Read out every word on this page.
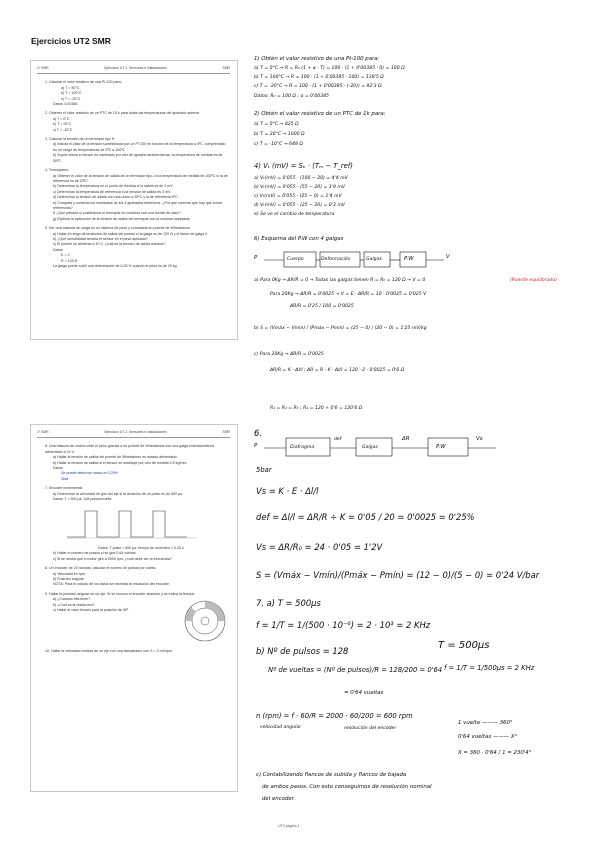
Ejercicios UT2 SMR
1º SMR	Ejercicios UT 2. Sensores e instalaciones	SMR

1. Calcular el valor resistivo de una Pt-100 para:

a) T = 50°C

b) T = 100°C

c) T = -20°C

Datos: 0,00385

2. Obtener el valor resistivo de un PTC de 10 k para todas las temperaturas del apartado anterior

a) T = 0°C

b) T = 20°C

c) T = -10°C

3. Calcular la tensión de un termopar tipo K:

a) Indicar el valor de la tensión suministrada por un PT100 en función de la temperatura a 0ºC, comprendido en un rango de temperaturas de 0ºC a 100ºC.

b) Supón ahora el sensor es cambiado por otro de iguales características, la temperatura de medida es de 50ºC.

4. Termopares:

a) Obtener el valor de la tensión de salida de un termopar tipo J a la temperatura de medida de 100ºC si la de referencia es de 20ºC.

b) Determinar la temperatura en el punto de medida si la salida es de 2 mV.

c) Determinar la temperatura de referencia si la tensión de salida es 3 mV.

d) Determinar la tensión de salida con una unión a 25ºC y la de referencia 0ºC.

e) Compara y comenta los resultados de los 4 apartados anteriores. ¿Por qué creerías que hay que tomar referencias?

f) ¿Qué pasaría si pusiéramos el termopar en contacto con una fuente de calor?

g) Explicar la aplicación de la tensión de salida del termopar con la solución adoptada.

5. Ser una báscula de carga en un sistema de peso y conectada en puente de Wheatstone:

a) Hallar el rango de tensiones de salida del puente si la galga es de 120 Ω y el factor de galga 2.

b) ¿Qué sensibilidad tendría el sensor en el peso aplicado?

c) El puente se alimenta a 10 V, ¿cuál es la tensión de salida máxima?

Datos:

K = 2

R = 120 Ω

La galga puede sufrir una deformación de 0,25 % cuando el peso es de 20 kg

1º SMR	Ejercicios UT 2. Sensores e instalaciones	SMR

6. Una báscula de cocina mide el peso gracias a un puente de Wheatstone con una galga extensiométrica alimentado a 24 V.

a) Hallar la tensión de salida del puente de Wheatstone en estado alimentado.

b) Hallar la tensión de salida si el sensor se sustituye por otro de medida 0,5 kg/mm.

Datos:

Se puede deformar hasta un 0,25%

Sbar

7. Encoder incremental:

a) Determinar la velocidad de giro del eje si la duración de un pulso es de 500 µs.

Datos: T = 500 µs; 128 pulsos/vuelta

Datos: T pulso = 500 µs; tiempo de muestreo = 0,25 s

b) Hallar el número de pulsos si se gira 0,64 vueltas.

c) Si se desea que el motor gire a 2000 rpm, ¿cuál debe ser la frecuencia?

8. Un encoder de 24 ranuras, calcular el número de pulsos por vuelta.

a) Velocidad en rpm.

b) Posición angular.

NOTA: Para el cálculo de los datos se necesita la resolución del encoder.

9. Hallar la posición angular de un eje. Si se conoce el encoder absoluto y se indica la lectura:

a) ¿Cuántos bits tiene?

b) ¿Cuál es la resolución?

c) Hallar el valor binario para la posición de 90º

10. Hallar la velocidad medida de un eje con una tacodinamo con S = 3 mV/rpm

UT2 página 1
1) Obtén el valor resistivo de una Pt-100 para:
a) T = 0°C → R = R₀ (1 + α · T) = 100 · (1 + 0'00385 · 0) = 100 Ω
b) T = 100°C → R = 100 · (1 + 0'00385 · 100) = 138'5 Ω
c) T = -20°C → R = 100 · (1 + 0'00385 · (-20)) = 92'3 Ω
Datos: R₀ = 100 Ω ; α = 0'00385
2) Obtén el valor resistivo de un PTC de 1k para:
a) T = 0°C → 825 Ω
b) T = 20°C → 1000 Ω
c) T = -10°C → 648 Ω
4) Vₜ (mV) = Sₖ · (Tₘ − T_ref)
a) Vₜ(mV) = 0'055 · (100 − 20) = 4'4 mV
b) Vₜ(mV) = 0'055 · (55 − 20) = 1'9 mV
c) Vₜ(mV) = 0'055 · (25 − 0) = 1'4 mV
d) Vₜ(mV) = 0'055 · (25 − 20) = 0'3 mV
e) Se ve el cambio de temperatura
6) Esquema del P.W con 4 galgas
P	Cuerpo	Deformación	Galgas	P.W	V
a) Para 0Kg → ΔR/R = 0 → Todas las galgas tienen R = R₀ = 120 Ω → V = 0	(Puente equilibrado)
Para 20Kg → ΔR/R = 0'0025 → V = E · ΔR/R = 10 · 0'0025 = 0'025 V
ΔR/R = 0'25 / 100 = 0'0025
b) S = (Vmáx − Vmín) / (Pmáx − Pmín) = (25 − 0) / (20 − 0) = 1'25 mV/kg
c) Para 20Kg → ΔR/R = 0'0025
ΔR/R = K · Δl/l ; ΔR = R · K · Δl/l = 120 · 2 · 0'0025 = 0'6 Ω
R₁ = R₂ = R₃ ; R₄ = 120 + 0'6 = 120'6 Ω
6.
P	Diafragma
def
Galgas
ΔR
P.W
Vs
5bar
Vs = K · E · Δl/l
def = Δl/l = ΔR/R ÷ K = 0'05 / 20 = 0'0025 = 0'25%
Vs = ΔR/R₀ = 24 · 0'05 = 1'2V
S = (Vmáx − Vmín)/(Pmáx − Pmín) = (12 − 0)/(5 − 0) = 0'24 V/bar
7. a) T = 500µs
f = 1/T = 1/(500 · 10⁻⁶) = 2 · 10³ = 2 KHz
b) Nº de pulsos = 128	T = 500µs
Nº de vueltas = (Nº de pulsos)/R = 128/200 = 0'64 f = 1/T = 1/500µs = 2 KHz
= 0'64 vueltas
n (rpm) = f · 60/R = 2000 · 60/200 = 600 rpm
velocidad angular	resolución del encoder
1 vuelta ——— 360°
0'64 vueltas ——— X°
X = 360 · 0'64 / 1 = 230'4°
c) Contabilizando flancos de subida y flancos de bajada
de ambos pasos. Con esto conseguimos de resolución nominal
del encoder.
